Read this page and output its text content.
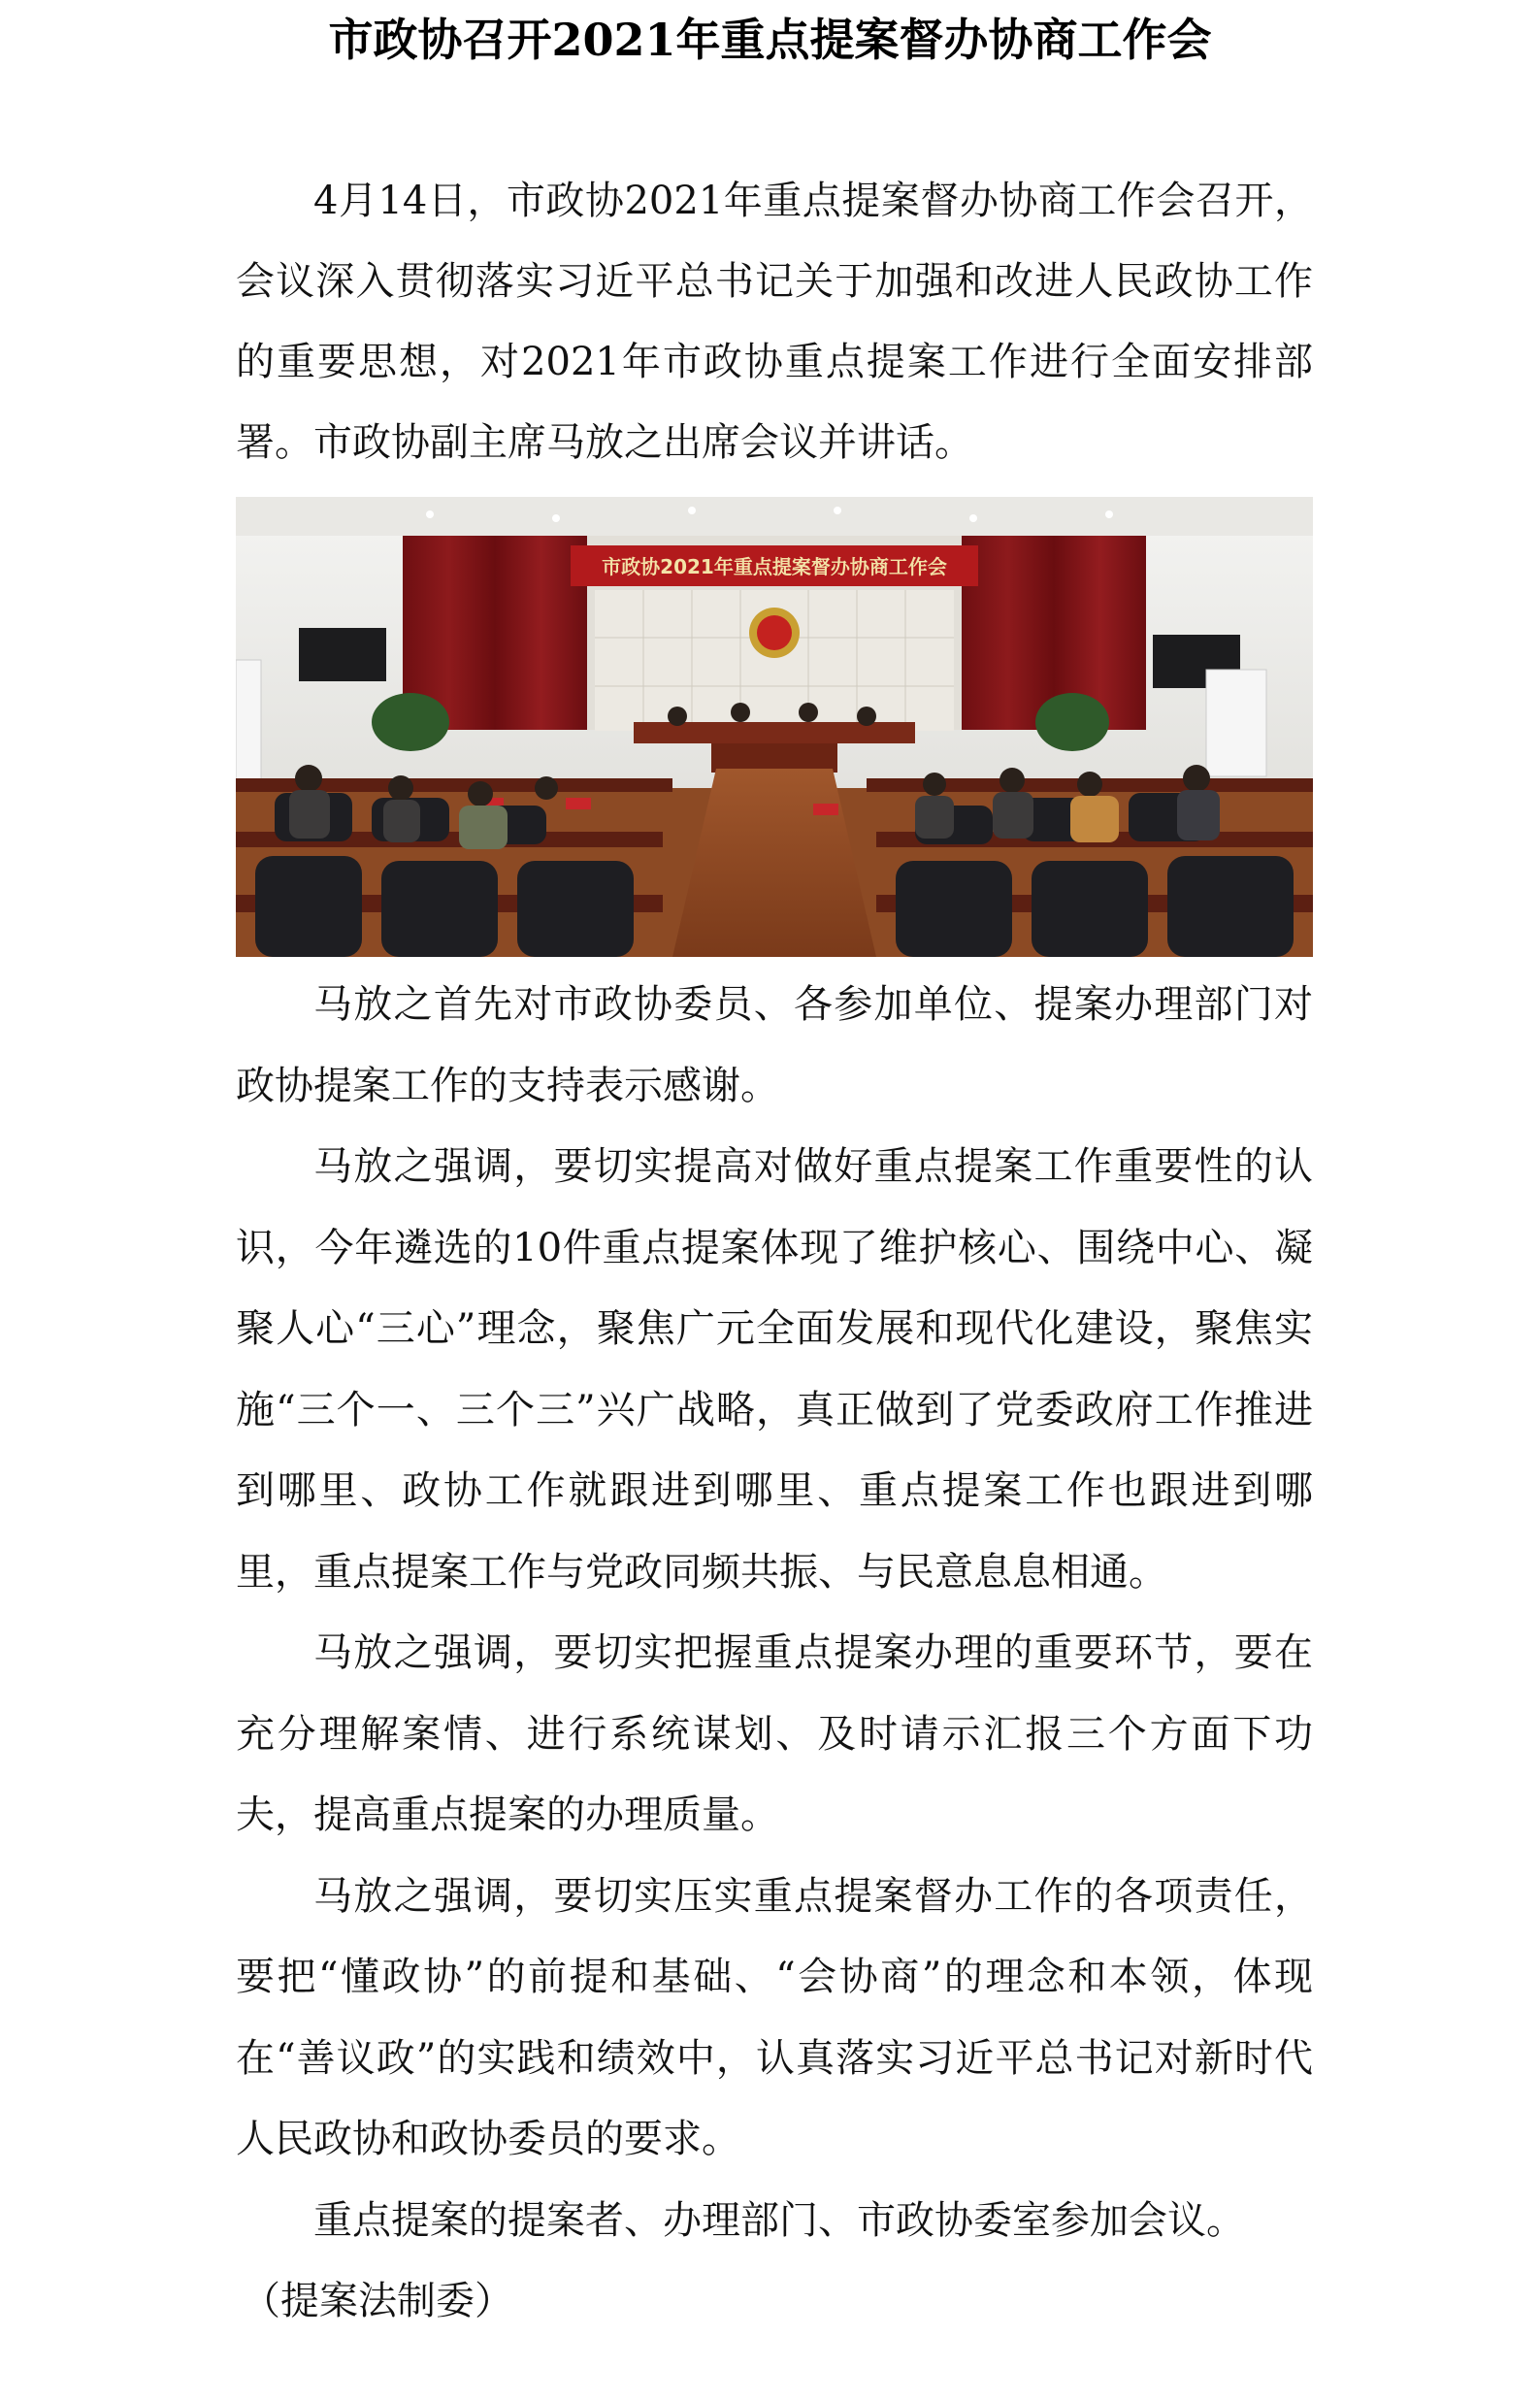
市政协召开2021年重点提案督办协商工作会

4月14日，市政协2021年重点提案督办协商工作会召开，会议深入贯彻落实习近平总书记关于加强和改进人民政协工作的重要思想，对2021年市政协重点提案工作进行全面安排部署。市政协副主席马放之出席会议并讲话。

市政协2021年重点提案督办协商工作会

马放之首先对市政协委员、各参加单位、提案办理部门对政协提案工作的支持表示感谢。

马放之强调，要切实提高对做好重点提案工作重要性的认识，今年遴选的10件重点提案体现了维护核心、围绕中心、凝聚人心“三心”理念，聚焦广元全面发展和现代化建设，聚焦实施“三个一、三个三”兴广战略，真正做到了党委政府工作推进到哪里、政协工作就跟进到哪里、重点提案工作也跟进到哪里，重点提案工作与党政同频共振、与民意息息相通。

马放之强调，要切实把握重点提案办理的重要环节，要在充分理解案情、进行系统谋划、及时请示汇报三个方面下功夫，提高重点提案的办理质量。

马放之强调，要切实压实重点提案督办工作的各项责任，要把“懂政协”的前提和基础、“会协商”的理念和本领，体现在“善议政”的实践和绩效中，认真落实习近平总书记对新时代人民政协和政协委员的要求。

重点提案的提案者、办理部门、市政协委室参加会议。

（提案法制委）
